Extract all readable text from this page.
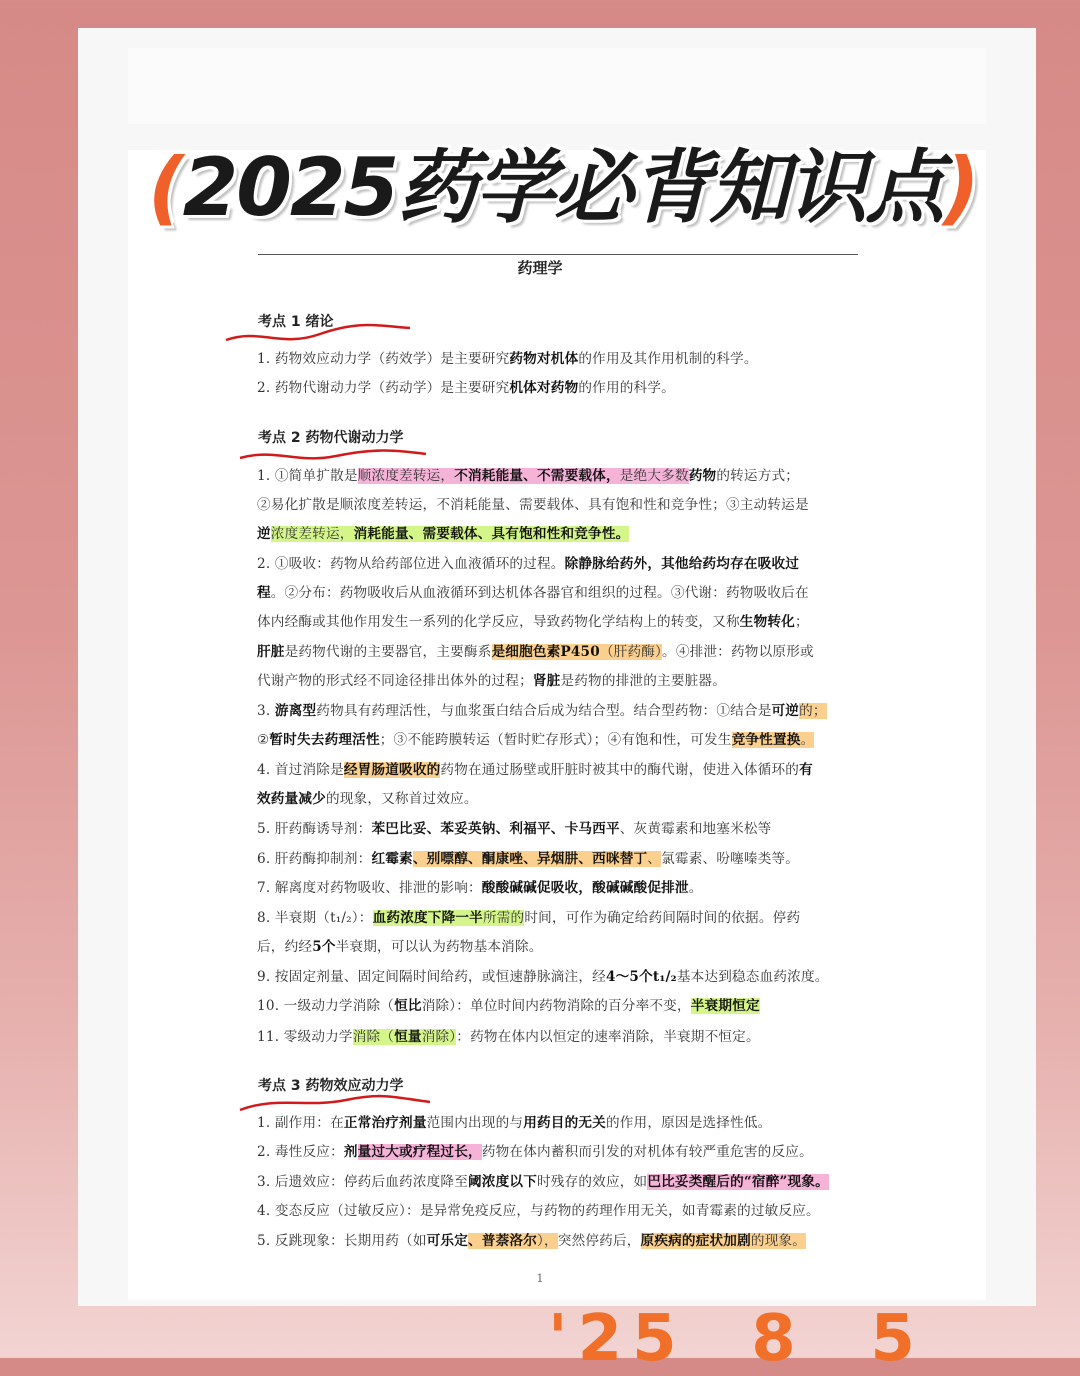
(2025药学必背知识点)
药理学
考点 1 绪论
考点 2 药物代谢动力学
考点 3 药物效应动力学
1. 药物效应动力学（药效学）是主要研究药物对机体的作用及其作用机制的科学。
2. 药物代谢动力学（药动学）是主要研究机体对药物的作用的科学。
1. ①简单扩散是顺浓度差转运，不消耗能量、不需要载体，是绝大多数药物的转运方式；
②易化扩散是顺浓度差转运，不消耗能量、需要载体、具有饱和性和竞争性；③主动转运是
逆浓度差转运，消耗能量、需要载体、具有饱和性和竞争性。
2. ①吸收：药物从给药部位进入血液循环的过程。除静脉给药外，其他给药均存在吸收过
程。②分布：药物吸收后从血液循环到达机体各器官和组织的过程。③代谢：药物吸收后在
体内经酶或其他作用发生一系列的化学反应，导致药物化学结构上的转变，又称生物转化；
肝脏是药物代谢的主要器官，主要酶系是细胞色素P450（肝药酶）。④排泄：药物以原形或
代谢产物的形式经不同途径排出体外的过程；肾脏是药物的排泄的主要脏器。
3. 游离型药物具有药理活性，与血浆蛋白结合后成为结合型。结合型药物：①结合是可逆的；
②暂时失去药理活性；③不能跨膜转运（暂时贮存形式）；④有饱和性，可发生竞争性置换。
4. 首过消除是经胃肠道吸收的药物在通过肠壁或肝脏时被其中的酶代谢，使进入体循环的有
效药量减少的现象，又称首过效应。
5. 肝药酶诱导剂：苯巴比妥、苯妥英钠、利福平、卡马西平、灰黄霉素和地塞米松等
6. 肝药酶抑制剂：红霉素、别嘌醇、酮康唑、异烟肼、西咪替丁、氯霉素、吩噻嗪类等。
7. 解离度对药物吸收、排泄的影响：酸酸碱碱促吸收，酸碱碱酸促排泄。
8. 半衰期（t₁/₂）：血药浓度下降一半所需的时间，可作为确定给药间隔时间的依据。停药
后，约经5个半衰期，可以认为药物基本消除。
9. 按固定剂量、固定间隔时间给药，或恒速静脉滴注，经4～5个t₁/₂基本达到稳态血药浓度。
10. 一级动力学消除（恒比消除）：单位时间内药物消除的百分率不变，半衰期恒定
11. 零级动力学消除（恒量消除）：药物在体内以恒定的速率消除，半衰期不恒定。
1. 副作用：在正常治疗剂量范围内出现的与用药目的无关的作用，原因是选择性低。
2. 毒性反应：剂量过大或疗程过长，药物在体内蓄积而引发的对机体有较严重危害的反应。
3. 后遗效应：停药后血药浓度降至阈浓度以下时残存的效应，如巴比妥类醒后的“宿醉”现象。
4. 变态反应（过敏反应）：是异常免疫反应，与药物的药理作用无关，如青霉素的过敏反应。
5. 反跳现象：长期用药（如可乐定、普萘洛尔），突然停药后，原疾病的症状加剧的现象。
1
'25  8  5
